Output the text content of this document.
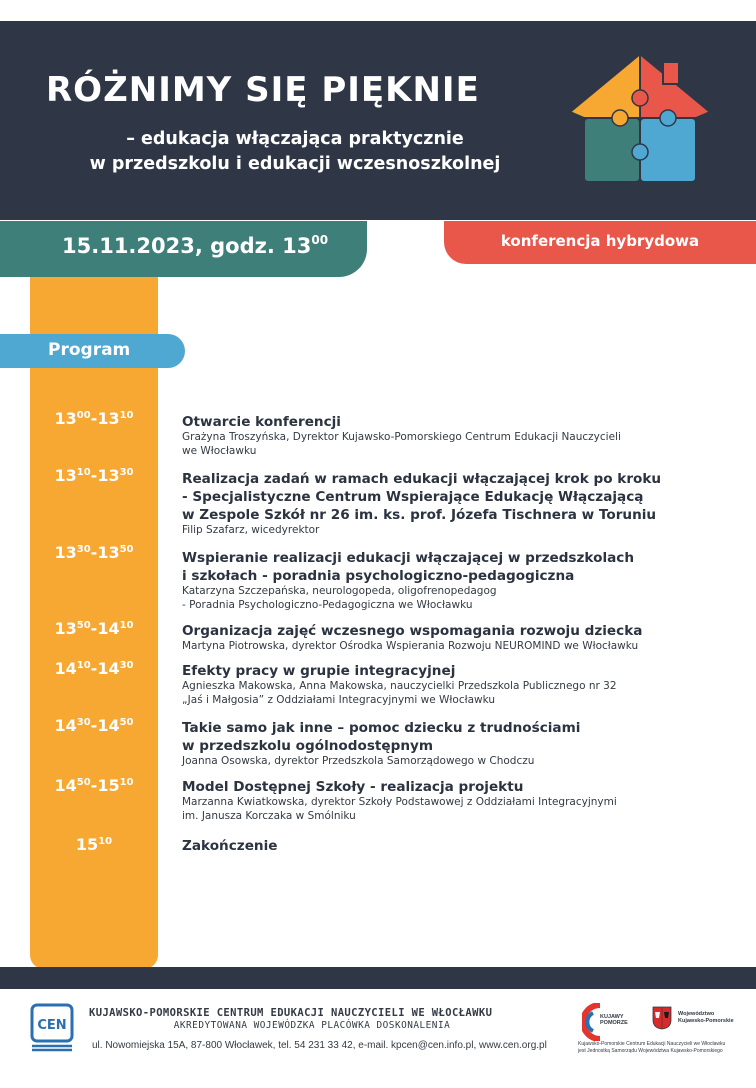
RÓŻNIMY SIĘ PIĘKNIE
– edukacja włączająca praktycznie
w przedszkolu i edukacji wczesnoszkolnej
15.11.2023, godz. $13^{00}$	konferencja hybrydowa
Program
$13^{00}-13^{10}$
$13^{10}-13^{30}$
$13^{30}-13^{50}$
$13^{50}-14^{10}$
$14^{10}-14^{30}$
$14^{30}-14^{50}$
$14^{50}-15^{10}$
$15^{10}$
Otwarcie konferencji
Grażyna Troszyńska, Dyrektor Kujawsko-Pomorskiego Centrum Edukacji Nauczycieli
we Włocławku
Realizacja zadań w ramach edukacji włączającej krok po kroku
- Specjalistyczne Centrum Wspierające Edukację Włączającą
w Zespole Szkół nr 26 im. ks. prof. Józefa Tischnera w Toruniu
Filip Szafarz, wicedyrektor
Wspieranie realizacji edukacji włączającej w przedszkolach
i szkołach - poradnia psychologiczno-pedagogiczna
Katarzyna Szczepańska, neurologopeda, oligofrenopedagog
- Poradnia Psychologiczno-Pedagogiczna we Włocławku
Organizacja zajęć wczesnego wspomagania rozwoju dziecka
Martyna Piotrowska, dyrektor Ośrodka Wspierania Rozwoju NEUROMIND we Włocławku
Efekty pracy w grupie integracyjnej
Agnieszka Makowska, Anna Makowska, nauczycielki Przedszkola Publicznego nr 32
„Jaś i Małgosia” z Oddziałami Integracyjnymi we Włocławku
Takie samo jak inne – pomoc dziecku z trudnościami
w przedszkolu ogólnodostępnym
Joanna Osowska, dyrektor Przedszkola Samorządowego w Chodczu
Model Dostępnej Szkoły - realizacja projektu
Marzanna Kwiatkowska, dyrektor Szkoły Podstawowej z Oddziałami Integracyjnymi
im. Janusza Korczaka w Smólniku
Zakończenie
CEN
KUJAWSKO-POMORSKIE CENTRUM EDUKACJI NAUCZYCIELI WE WŁOCŁAWKU
AKREDYTOWANA WOJEWÓDZKA PLACÓWKA DOSKONALENIA
ul. Nowomiejska 15A, 87-800 Włocławek, tel. 54 231 33 42, e-mail. kpcen@cen.info.pl, www.cen.org.pl
KUJAWY
POMORZE
Województwo
Kujawsko-Pomorskie
Kujawsko-Pomorskie Centrum Edukacji Nauczycieli we Włocławku
jest Jednostką Samorządu Województwa Kujawsko-Pomorskiego
